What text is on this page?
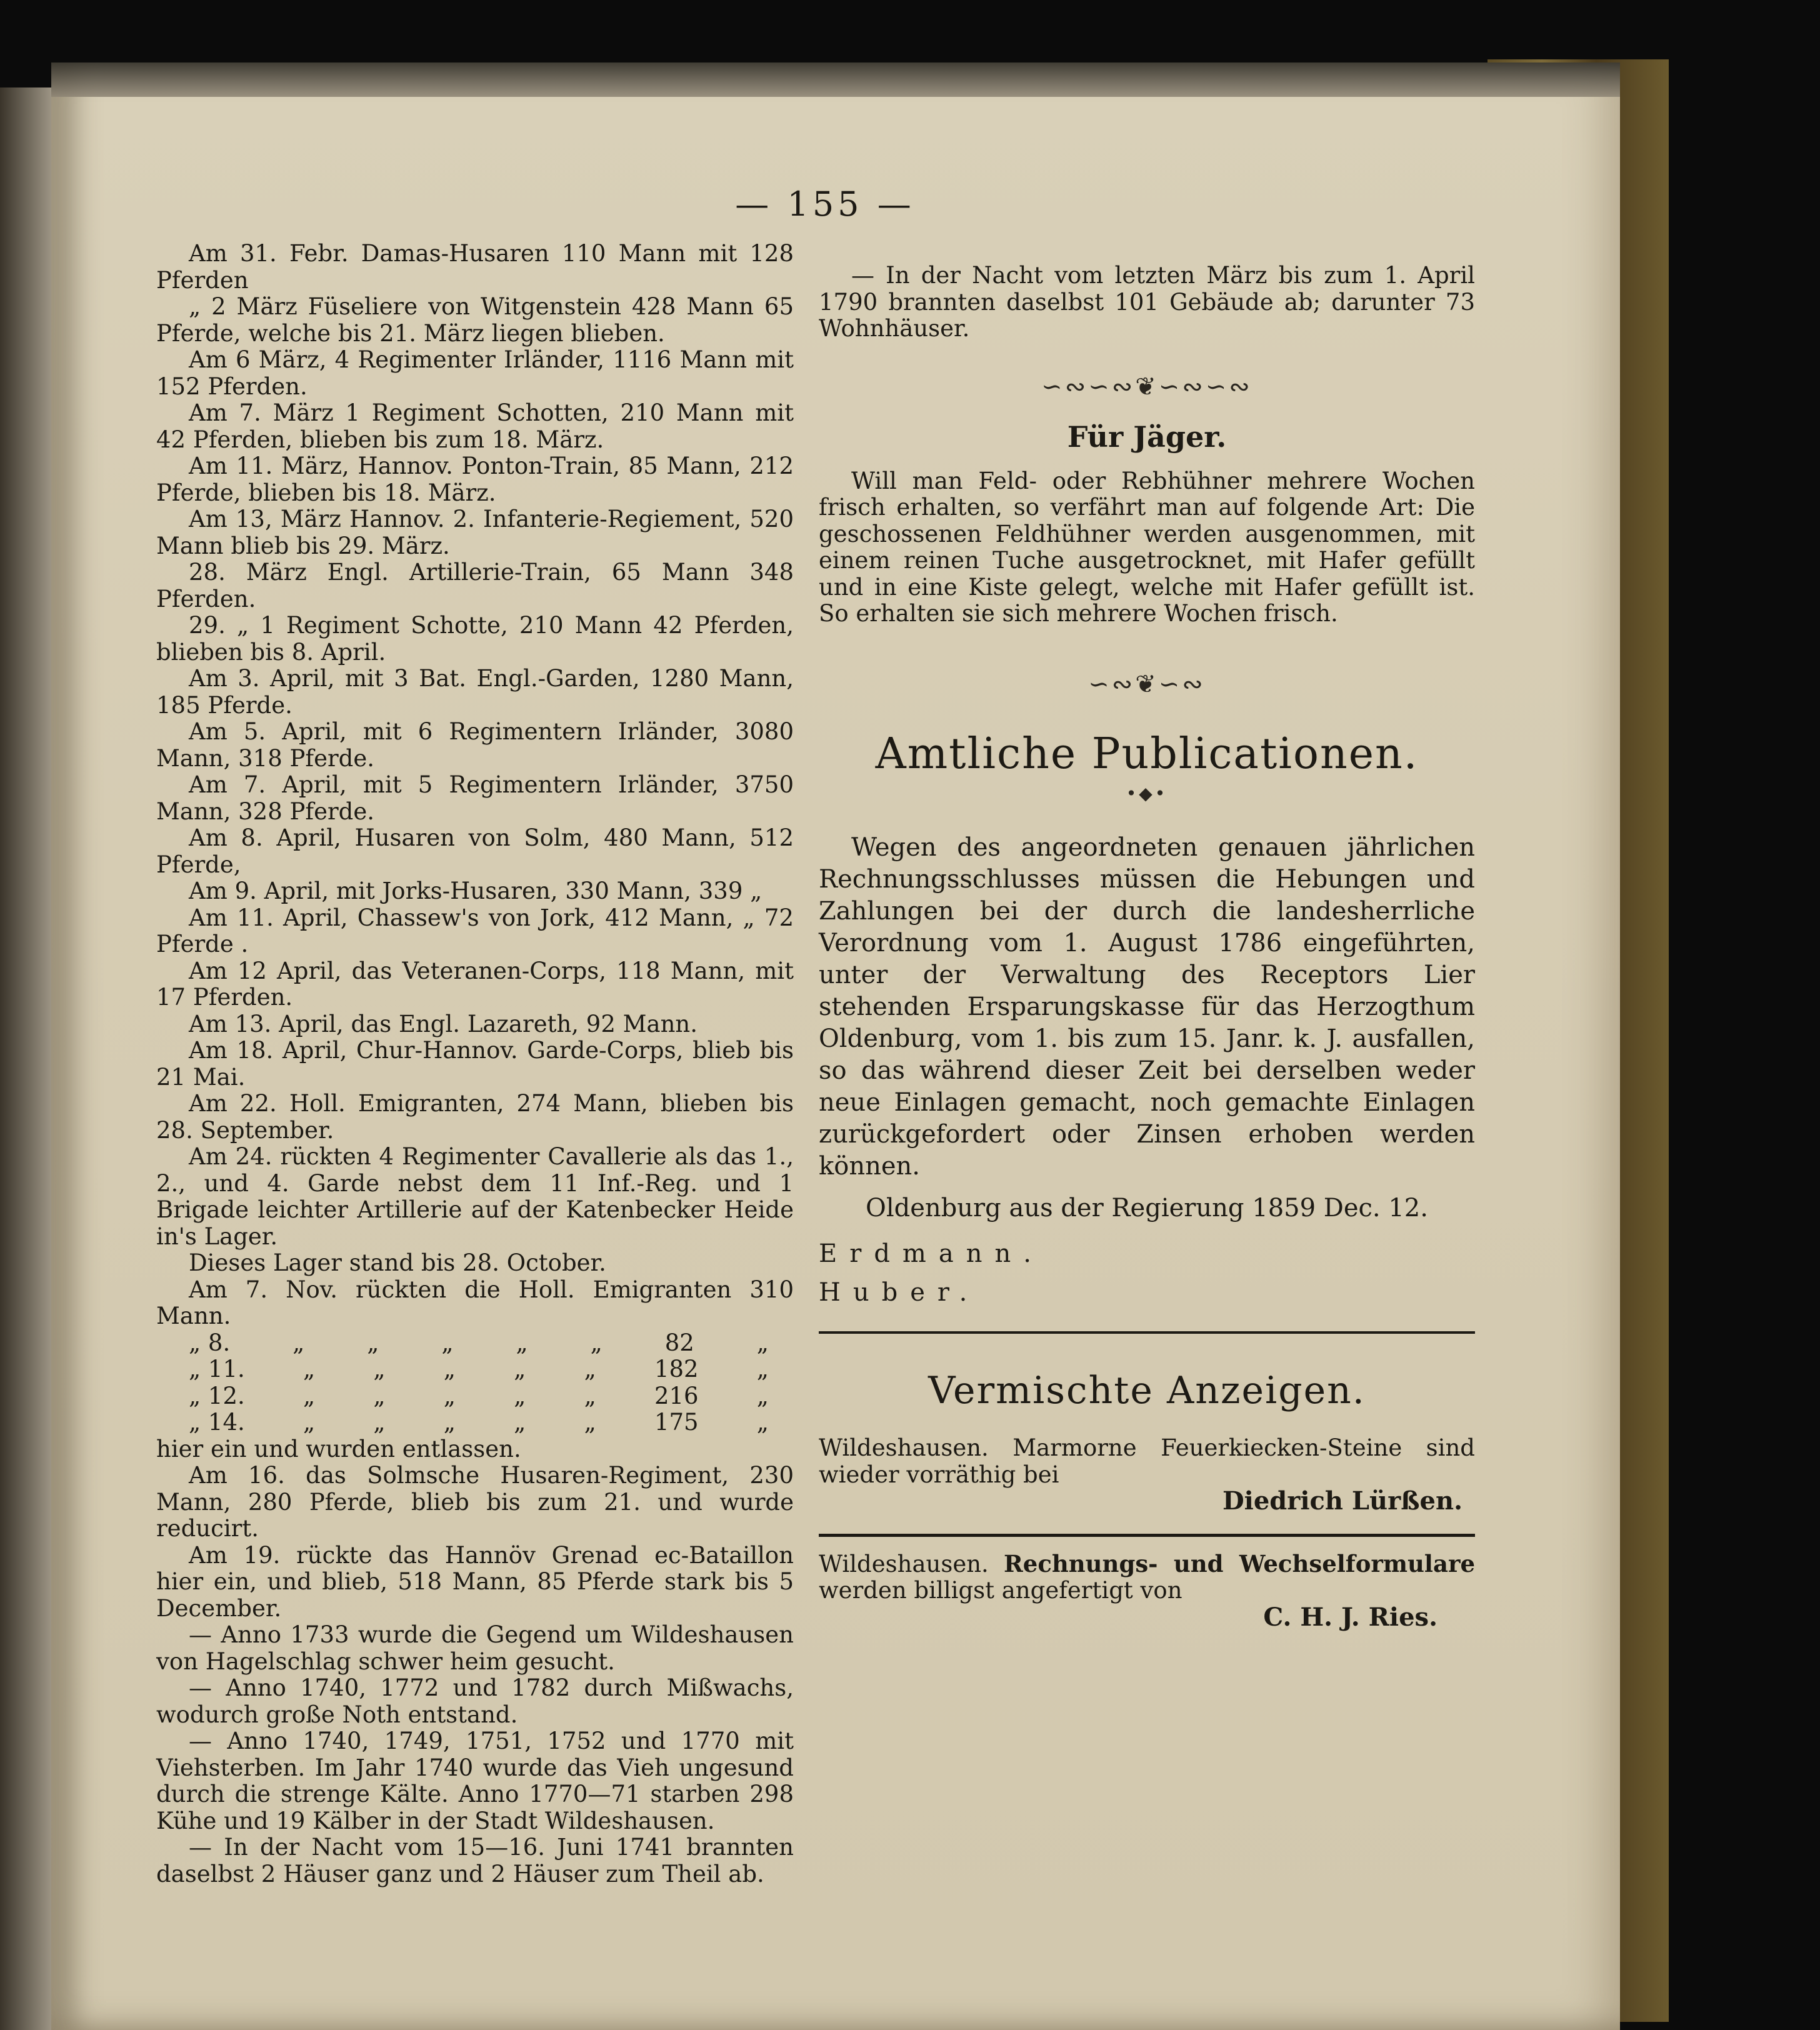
— 155 —

Am 31. Febr. Damas-Husaren 110 Mann mit 128 Pferden

„ 2 März Füseliere von Witgenstein 428 Mann 65 Pferde, welche bis 21. März liegen blieben.

Am 6 März, 4 Regimenter Irländer, 1116 Mann mit 152 Pferden.

Am 7. März 1 Regiment Schotten, 210 Mann mit 42 Pferden, blieben bis zum 18. März.

Am 11. März, Hannov. Ponton-Train, 85 Mann, 212 Pferde, blieben bis 18. März.

Am 13, März Hannov. 2. Infanterie-Regiement, 520 Mann blieb bis 29. März.

28. März Engl. Artillerie-Train, 65 Mann 348 Pferden.

29. „ 1 Regiment Schotte, 210 Mann 42 Pferden, blieben bis 8. April.

Am 3. April, mit 3 Bat. Engl.-Garden, 1280 Mann, 185 Pferde.

Am 5. April, mit 6 Regimentern Irländer, 3080 Mann, 318 Pferde.

Am 7. April, mit 5 Regimentern Irländer, 3750 Mann, 328 Pferde.

Am 8. April, Husaren von Solm, 480 Mann, 512 Pferde,

Am 9. April, mit Jorks-Husaren, 330 Mann, 339 „

Am 11. April, Chassew's von Jork, 412 Mann, „ 72 Pferde .

Am 12 April, das Veteranen-Corps, 118 Mann, mit 17 Pferden.

Am 13. April, das Engl. Lazareth, 92 Mann.

Am 18. April, Chur-Hannov. Garde-Corps, blieb bis 21 Mai.

Am 22. Holl. Emigranten, 274 Mann, blieben bis 28. September.

Am 24. rückten 4 Regimenter Cavallerie als das 1., 2., und 4. Garde nebst dem 11 Inf.-Reg. und 1 Brigade leichter Artillerie auf der Katenbecker Heide in's Lager.

Dieses Lager stand bis 28. October.

Am 7. Nov. rückten die Holl. Emigranten 310 Mann.

„ 8.	„	„	„	„	„	82	„
„ 11.	„	„	„	„	„	182	„
„ 12.	„	„	„	„	„	216	„
„ 14.	„	„	„	„	„	175	„

hier ein und wurden entlassen.

Am 16. das Solmsche Husaren-Regiment, 230 Mann, 280 Pferde, blieb bis zum 21. und wurde reducirt.

Am 19. rückte das Hannöv Grenad ec-Bataillon hier ein, und blieb, 518 Mann, 85 Pferde stark bis 5 December.

— Anno 1733 wurde die Gegend um Wildeshausen von Hagelschlag schwer heim gesucht.

— Anno 1740, 1772 und 1782 durch Mißwachs, wodurch große Noth entstand.

— Anno 1740, 1749, 1751, 1752 und 1770 mit Viehsterben. Im Jahr 1740 wurde das Vieh ungesund durch die strenge Kälte. Anno 1770—71 starben 298 Kühe und 19 Kälber in der Stadt Wildeshausen.

— In der Nacht vom 15—16. Juni 1741 brannten daselbst 2 Häuser ganz und 2 Häuser zum Theil ab.

— In der Nacht vom letzten März bis zum 1. April 1790 brannten daselbst 101 Gebäude ab; darunter 73 Wohnhäuser.

∽∾∽∾❦∽∾∽∾
Für Jäger.

Will man Feld- oder Rebhühner mehrere Wochen frisch erhalten, so verfährt man auf folgende Art: Die geschossenen Feldhühner werden ausgenommen, mit einem reinen Tuche ausgetrocknet, mit Hafer gefüllt und in eine Kiste gelegt, welche mit Hafer gefüllt ist. So erhalten sie sich mehrere Wochen frisch.

∽∾❦∽∾
Amtliche Publicationen.
•◆•

Wegen des angeordneten genauen jährlichen Rechnungsschlusses müssen die Hebungen und Zahlungen bei der durch die landesherrliche Verordnung vom 1. August 1786 eingeführten, unter der Verwaltung des Receptors Lier stehenden Ersparungskasse für das Herzogthum Oldenburg, vom 1. bis zum 15. Janr. k. J. ausfallen, so das während dieser Zeit bei derselben weder neue Einlagen gemacht, noch gemachte Einlagen zurückgefordert oder Zinsen erhoben werden können.

Oldenburg aus der Regierung 1859 Dec. 12.

Erdmann.

Huber.

Vermischte Anzeigen.

Wildeshausen. Marmorne Feuerkiecken-Steine sind wieder vorräthig bei

Diedrich Lürßen.

Wildeshausen. Rechnungs- und Wechselformulare werden billigst angefertigt von

C. H. J. Ries.
